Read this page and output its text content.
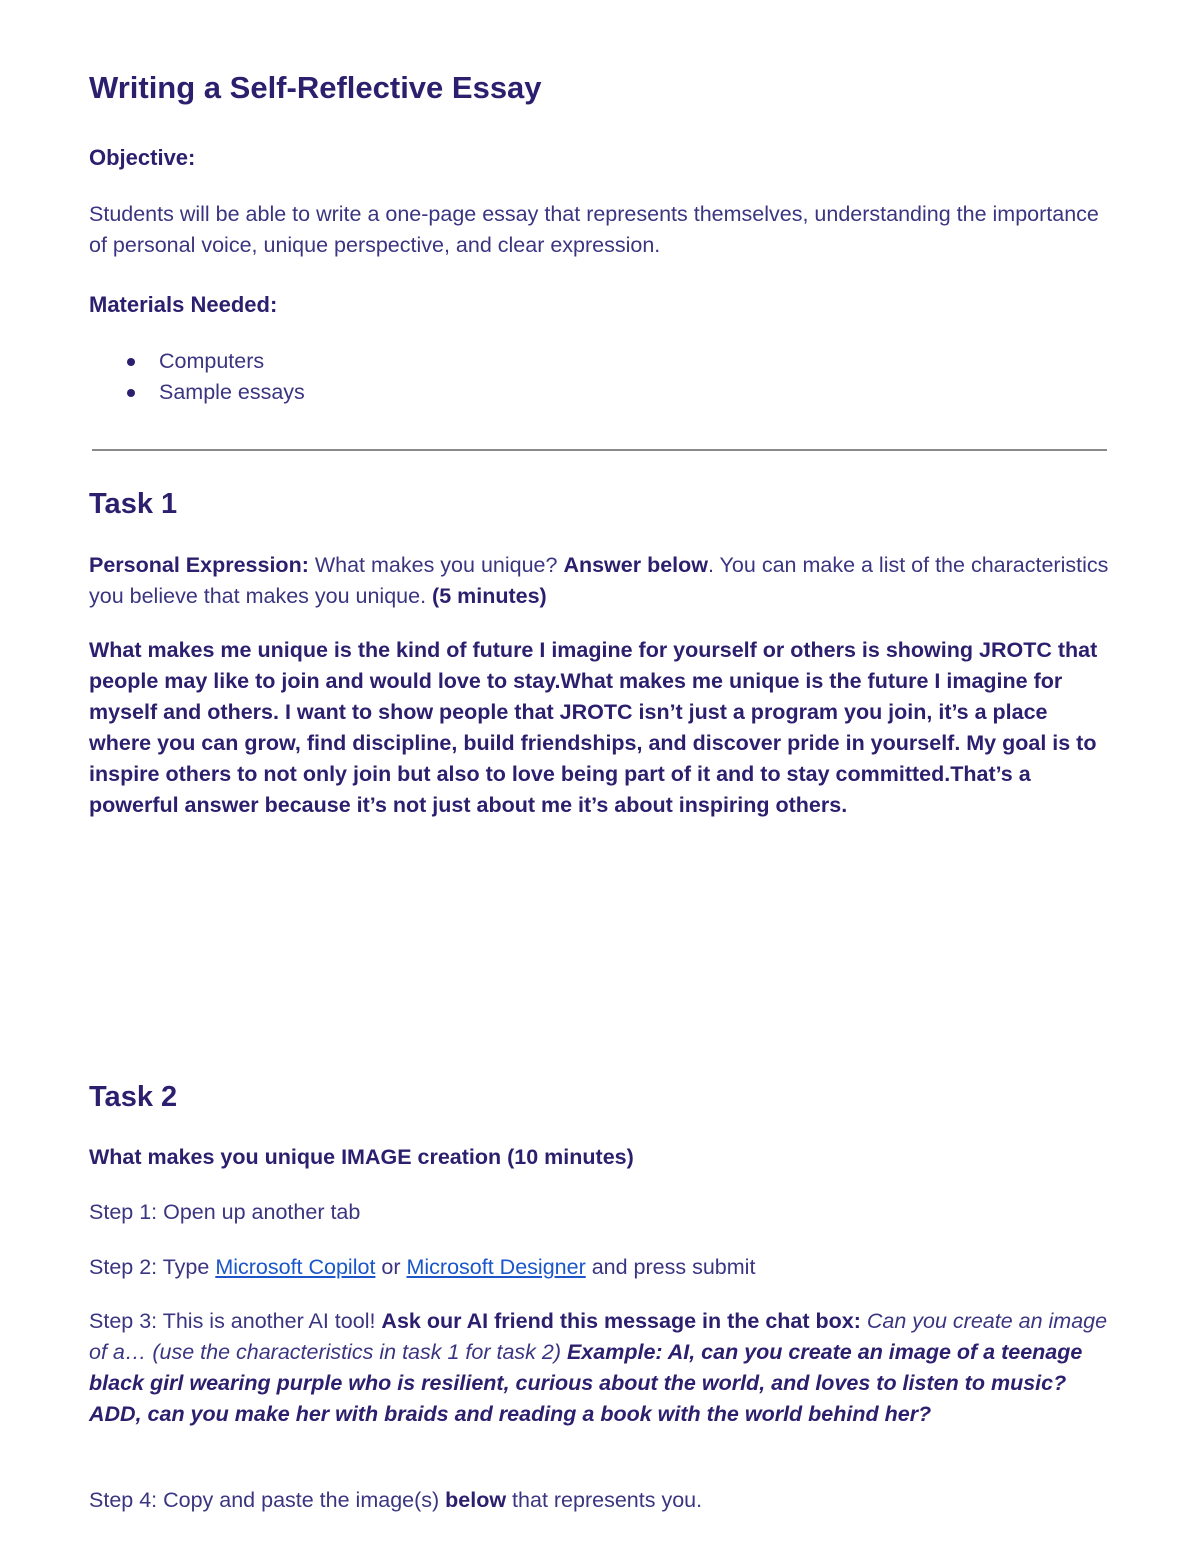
Writing a Self-Reflective Essay

Objective:

Students will be able to write a one-page essay that represents themselves, understanding the importance of personal voice, unique perspective, and clear expression.

Materials Needed:

Computers
Sample essays
Task 1

Personal Expression: What makes you unique? Answer below. You can make a list of the characteristics you believe that makes you unique. (5 minutes)

What makes me unique is the kind of future I imagine for yourself or others is showing JROTC that people may like to join and would love to stay.What makes me unique is the future I imagine for myself and others. I want to show people that JROTC isn’t just a program you join, it’s a place where you can grow, find discipline, build friendships, and discover pride in yourself. My goal is to inspire others to not only join but also to love being part of it and to stay committed.That’s a powerful answer because it’s not just about me it’s about inspiring others.

Task 2

What makes you unique IMAGE creation (10 minutes)

Step 1: Open up another tab

Step 2: Type Microsoft Copilot or Microsoft Designer and press submit

Step 3: This is another AI tool! Ask our AI friend this message in the chat box: Can you create an image of a… (use the characteristics in task 1 for task 2) Example: AI, can you create an image of a teenage black girl wearing purple who is resilient, curious about the world, and loves to listen to music? ADD, can you make her with braids and reading a book with the world behind her?

Step 4: Copy and paste the image(s) below that represents you.
